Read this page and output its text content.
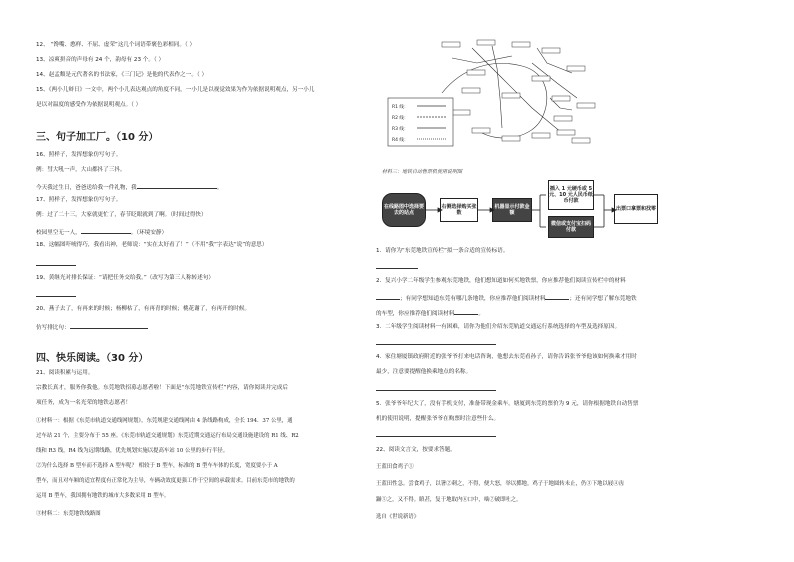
12、 “馋嘴、憨样、不屈、虚荣”这几个词语带褒色彩相同。（ ）
13、凉爽拼音的声母有 24 个，韵母有 23 个。（ ）
14、赵孟頫是元代著名的书法家，《三门记》是他的代表作之一。（ ）
15、《两小儿辩日》一文中，两个小儿表达观点的角度不同，一小儿是以视觉效果为作为依据说明观点，另一小儿
是以对温度的感受作为依据说明观点。（ ）
三、句子加工厂。（10 分）
16、照样子，发挥想象仿写句子。
例：彗大吼一声，大山都抖了三抖。
今天我过生日，爸爸送给我一件礼物，我	。
17、照样子，发挥想象仿写句子。
例：过了二十三，大家就更忙了，春节眨眼就到了啊。（时间过得快）
校园里空无一人，	。（环境安静）
18、这幅图吓唬得巧，我看出神，老师说：“实在太好看了！”（不用“我”字表达“说”的意思）
19、黄继光对排长保证：“请把任务交给我。”（改写为第三人称转述句）
20、燕子去了，有再来的时候；杨柳枯了，有再青的时候；桃花谢了，有再开的时候。
仿写排比句：
四、快乐阅读。（30 分）
21、阅读积累与运用。
宗教长真才，服务你我他。东莞地铁招募志愿者啦！下面是“东莞地铁宣传栏”内容，请你阅读并完成后
项任务，成为一名光荣的地铁志愿者！
①材料一：根据《东莞市轨道交通线网规划》，东莞规建交通线网由 4 条线路构成，全长 194．37 公里，通
过车站 21 个，主要分布于 55 座。《东莞市轨道交通规划》东莞近期交通运行布局交通设施建设的 R1 线、R2
线和 R3 线，R4 线为远期线路，优先规划实施以提高车站 10 公里的步行半径。
②为什么选择 B 型车而不选择 A 型车呢？ 相较于 B 型车，标准的 B 型车车体的长度，宽度要小于 A
型车，而且对车厢的适宜程度有正常化为主导，车辆动效度更强工作于空间的承载需求。目前东莞市的地铁的
运用 B 型车，我国拥有地铁的城市大多数采用 B 型车。
③材料二：东莞地铁线路图
R1 线：
R2 线：
R3 线：
R4 线：
材料三：地铁自动售票机使用说明图
在线路图中选择要去的站点
右侧选择购买张数
机器显示付款金额
插入 1 元硬币或 5 元、10 元人民币纸币付款
微信或支付宝扫码付款
出票口拿票和找零
1．请你为“东莞地铁宣传栏”拟一条合适的宣传标语。
2．复兴小学二年级学生参观东莞地铁，他们想知道如何买地铁票，你应推荐他们阅读宣传栏中的材料
；有同学想知道东莞有哪几条地铁，你应推荐他们阅读材料	；还有同学想了解东莞地铁
的车型，你应推荐他们阅读材料	。
3．二年级学生阅读材料一有困难，请你为他们介绍东莞轨道交通运行系统选择的车型及选择原因。
4．家住塘厦镇政府附近的张爷爷打来电话咨询，他想去东莞看孙子，请你告诉张爷爷他该如何换乘才用时
最少，注意要提醒他换乘地点的名称。
5．张爷爷年纪大了，没有手机支付，准备带现金乘车。塘厦到东莞的票价为 9 元，请你根据地铁自动售票
机的使用说明，提醒张爷爷在购票时注意些什么。
22、阅读文言文，按要求答题。
王蓝田食鸡子①
王蓝田性急。尝食鸡子，以箸②刺之，不得，便大怒，举以掷地。鸡子于地圆转未止，仍③下地以屐④齿
蹍⑤之，又不得。瞋甚，复于地取内⑥口中，啮⑦破即吐之。
选自《世说新语》
